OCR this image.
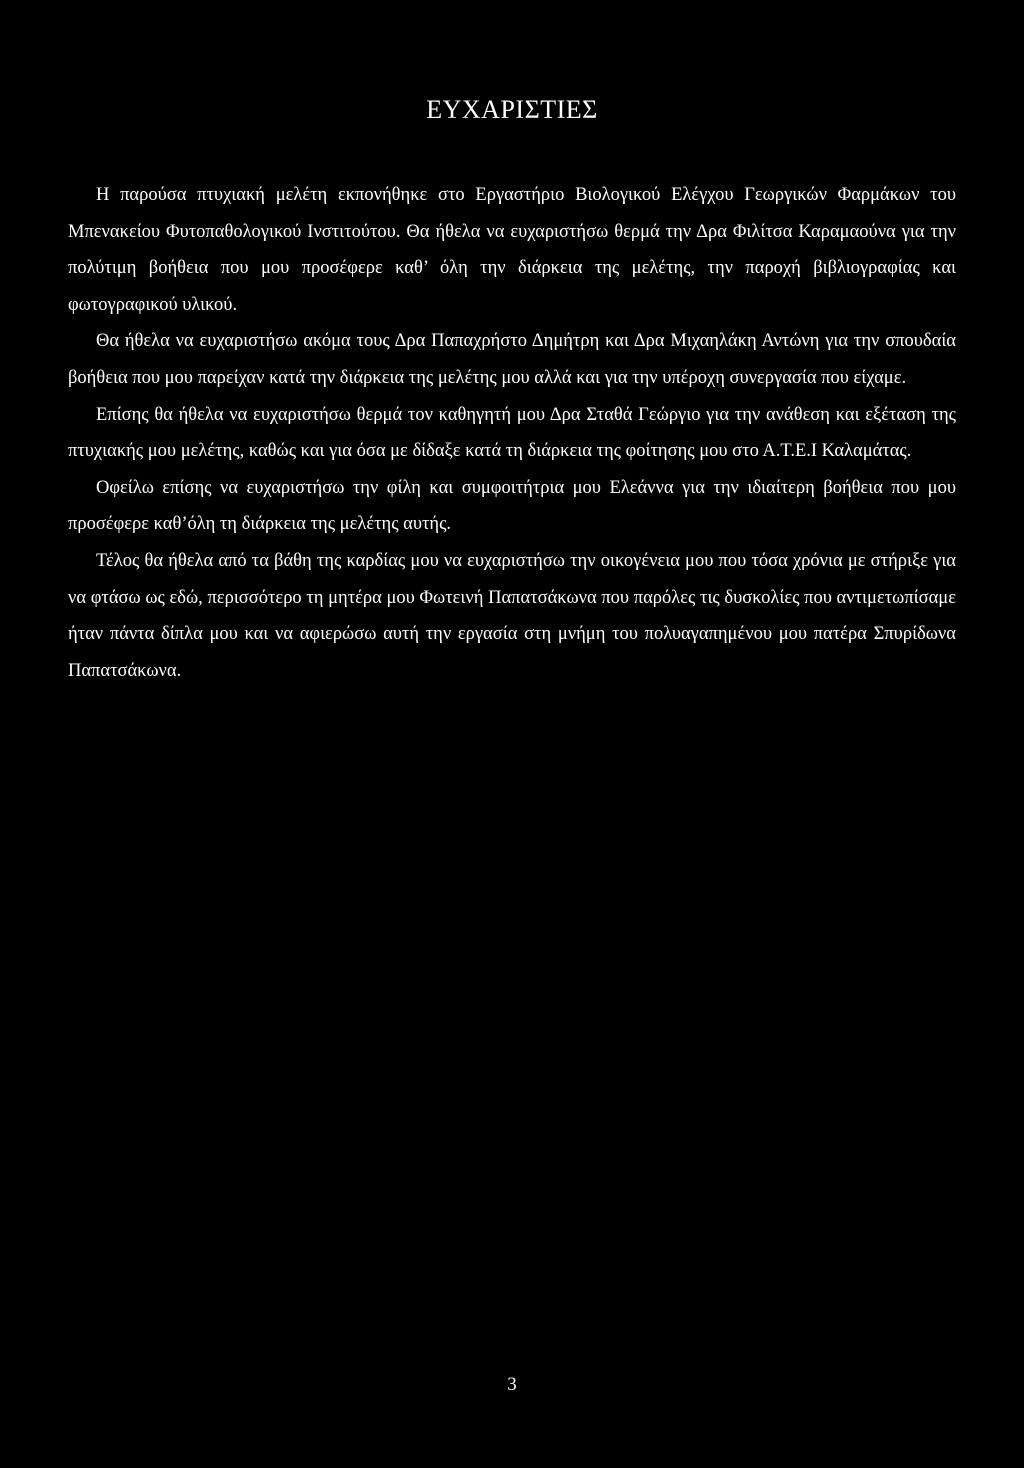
ΕΥΧΑΡΙΣΤΙΕΣ

Η παρούσα πτυχιακή μελέτη εκπονήθηκε στο Εργαστήριο Βιολογικού Ελέγχου Γεωργικών Φαρμάκων του Μπενακείου Φυτοπαθολογικού Ινστιτούτου. Θα ήθελα να ευχαριστήσω θερμά την Δρα Φιλίτσα Καραμαούνα για την πολύτιμη βοήθεια που μου προσέφερε καθ’ όλη την διάρκεια της μελέτης, την παροχή βιβλιογραφίας και φωτογραφικού υλικού.

Θα ήθελα να ευχαριστήσω ακόμα τους Δρα Παπαχρήστο Δημήτρη και Δρα Μιχαηλάκη Αντώνη για την σπουδαία βοήθεια που μου παρείχαν κατά την διάρκεια της μελέτης μου αλλά και για την υπέροχη συνεργασία που είχαμε.

Επίσης θα ήθελα να ευχαριστήσω θερμά τον καθηγητή μου Δρα Σταθά Γεώργιο για την ανάθεση και εξέταση της πτυχιακής μου μελέτης, καθώς και για όσα με δίδαξε κατά τη διάρκεια της φοίτησης μου στο Α.Τ.Ε.Ι Καλαμάτας.

Οφείλω επίσης να ευχαριστήσω την φίλη και συμφοιτήτρια μου Ελεάννα για την ιδιαίτερη βοήθεια που μου προσέφερε καθ’όλη τη διάρκεια της μελέτης αυτής.

Τέλος θα ήθελα από τα βάθη της καρδίας μου να ευχαριστήσω την οικογένεια μου που τόσα χρόνια με στήριξε για να φτάσω ως εδώ, περισσότερο τη μητέρα μου Φωτεινή Παπατσάκωνα που παρόλες τις δυσκολίες που αντιμετωπίσαμε ήταν πάντα δίπλα μου και να αφιερώσω αυτή την εργασία στη μνήμη του πολυαγαπημένου μου πατέρα Σπυρίδωνα Παπατσάκωνα.

3
